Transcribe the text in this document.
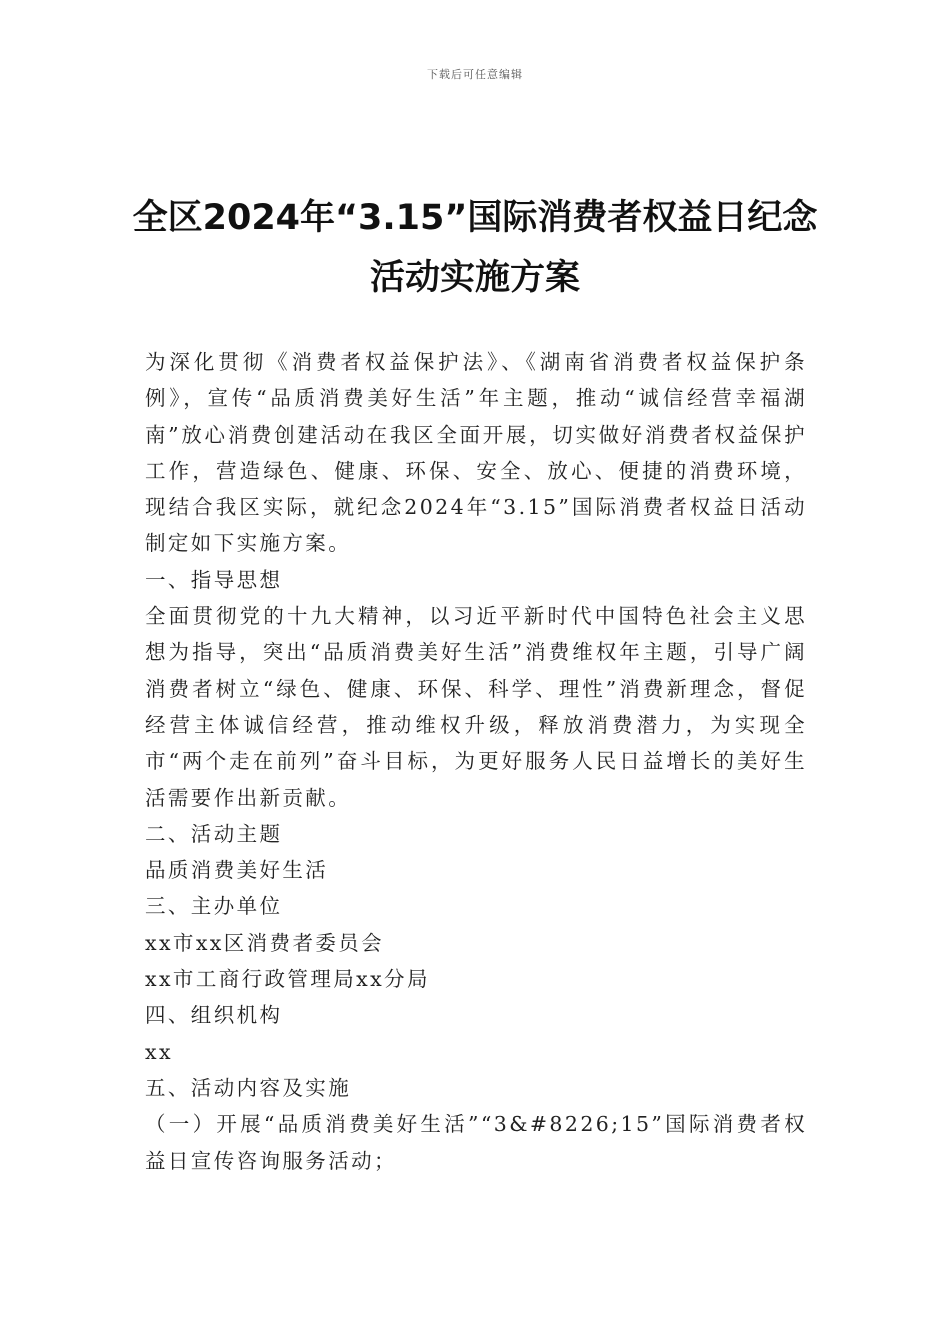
下载后可任意编辑
全区2024年“3.15”国际消费者权益日纪念活动实施方案

为深化贯彻《消费者权益保护法》、《湖南省消费者权益保护条例》，宣传“品质消费美好生活”年主题，推动“诚信经营幸福湖南”放心消费创建活动在我区全面开展，切实做好消费者权益保护工作，营造绿色、健康、环保、安全、放心、便捷的消费环境，现结合我区实际，就纪念2024年“3.15”国际消费者权益日活动制定如下实施方案。

一、指导思想

全面贯彻党的十九大精神，以习近平新时代中国特色社会主义思想为指导，突出“品质消费美好生活”消费维权年主题，引导广阔消费者树立“绿色、健康、环保、科学、理性”消费新理念，督促经营主体诚信经营，推动维权升级，释放消费潜力，为实现全市“两个走在前列”奋斗目标，为更好服务人民日益增长的美好生活需要作出新贡献。

二、活动主题

品质消费美好生活

三、主办单位

xx市xx区消费者委员会

xx市工商行政管理局xx分局

四、组织机构

xx

五、活动内容及实施

（一）开展“品质消费美好生活”“3&#8226;15”国际消费者权益日宣传咨询服务活动；
